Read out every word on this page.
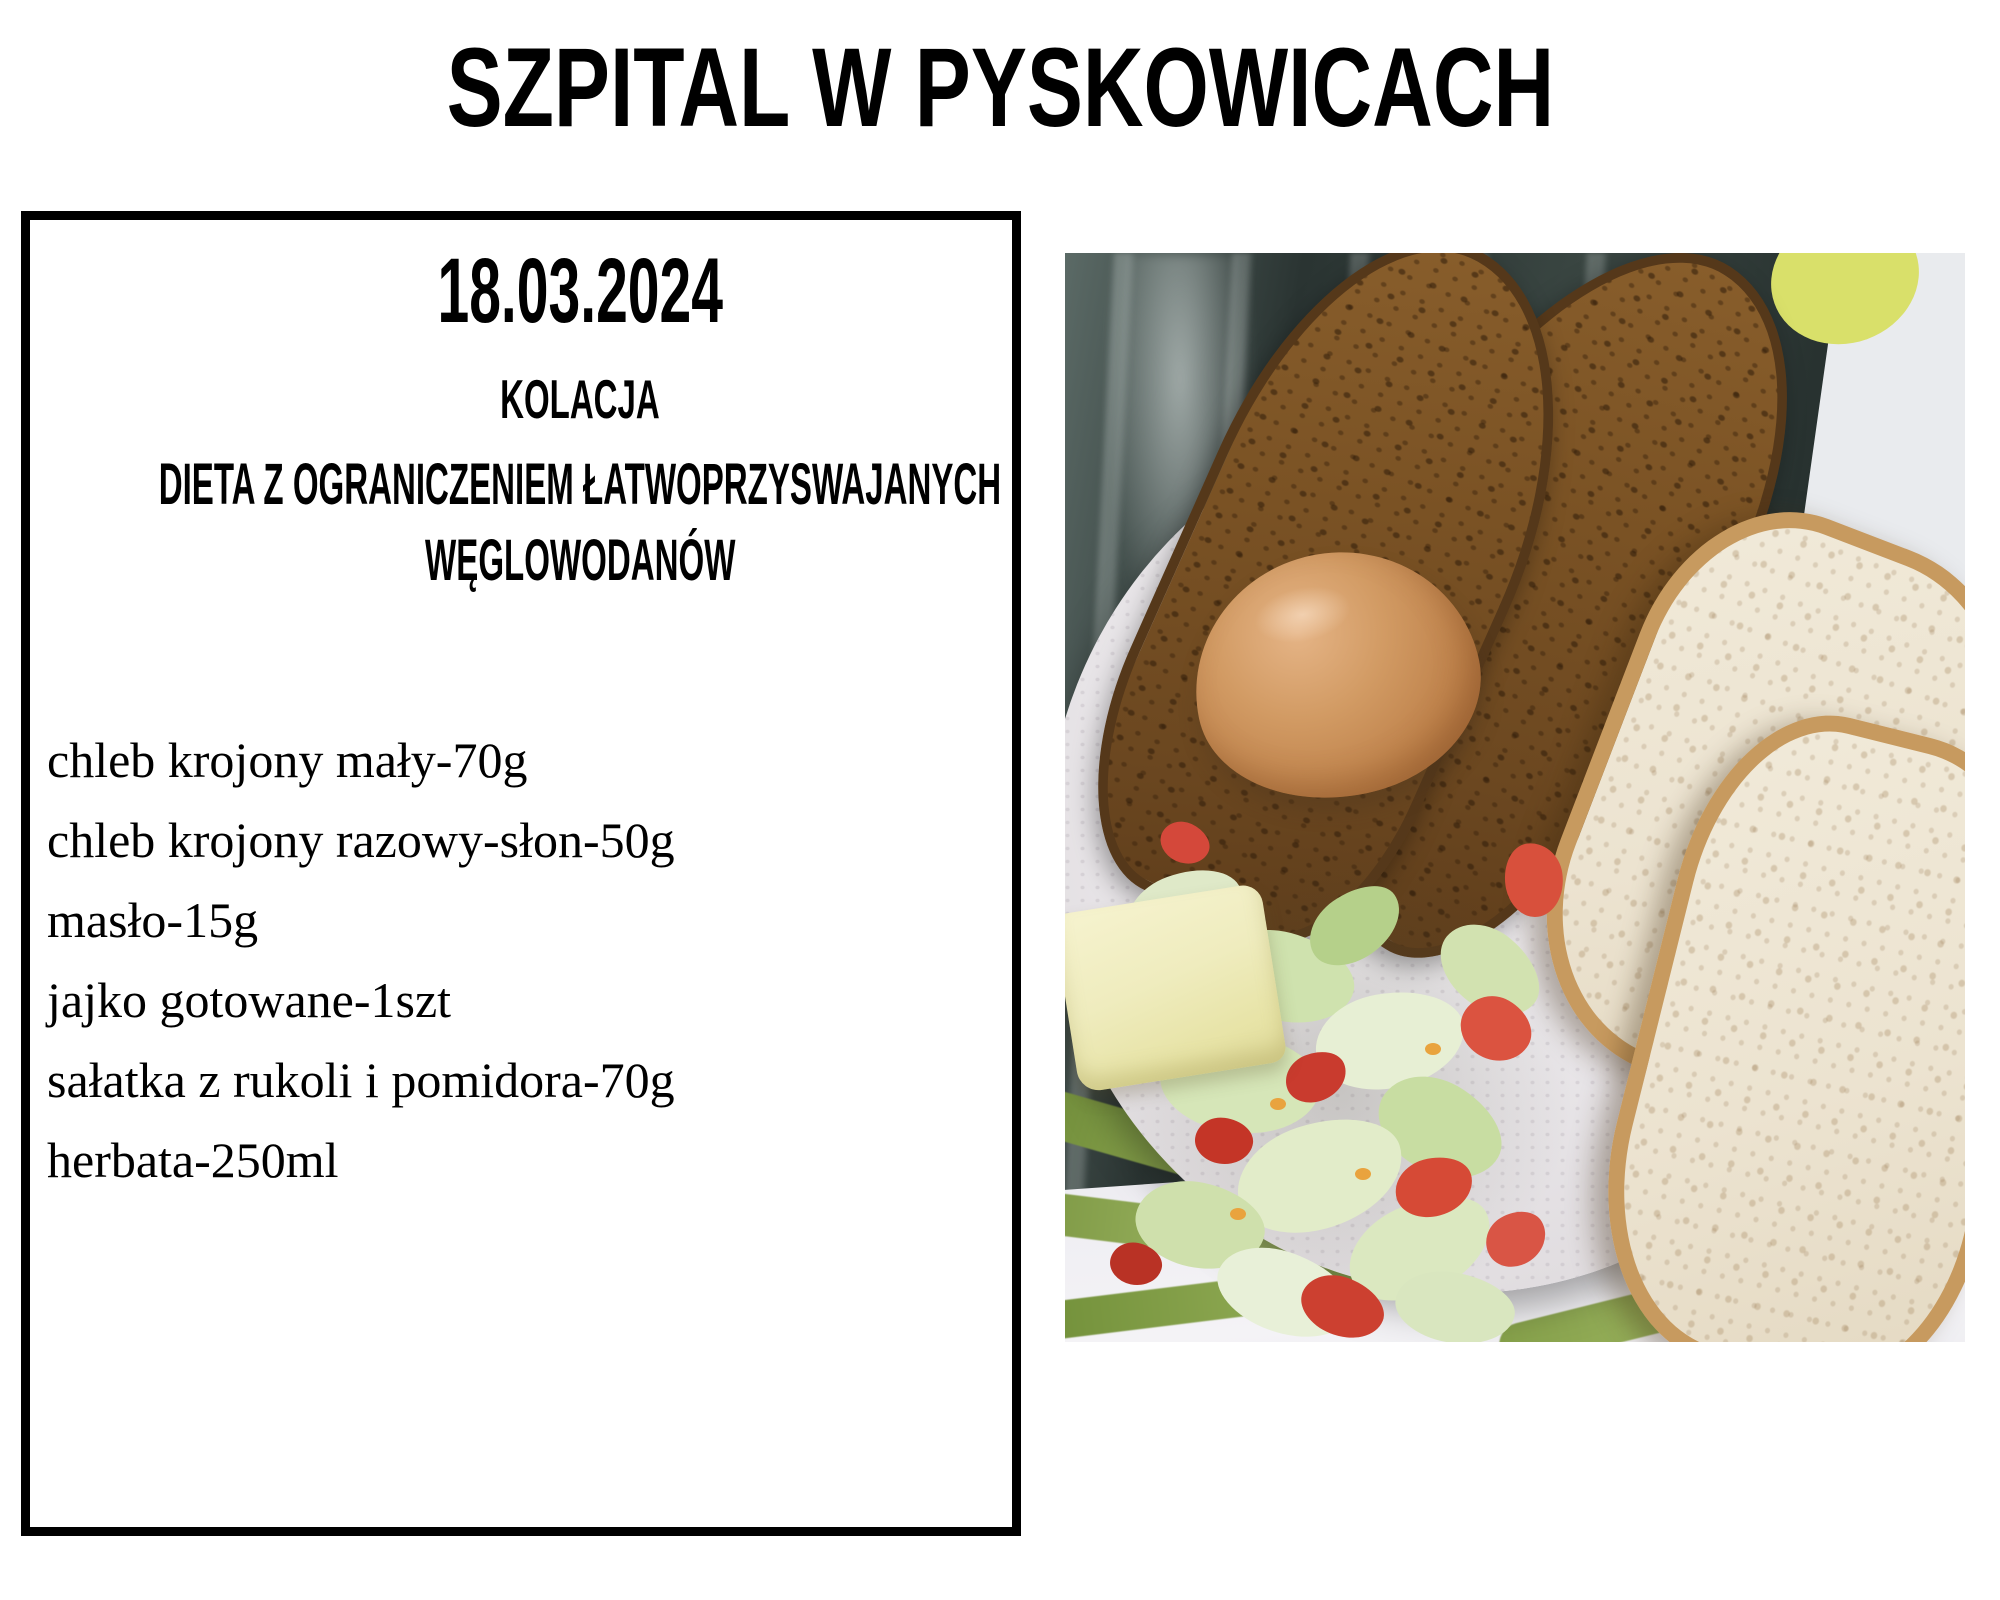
SZPITAL W PYSKOWICACH
18.03.2024
KOLACJA
DIETA Z OGRANICZENIEM ŁATWOPRZYSWAJANYCH
WĘGLOWODANÓW
chleb krojony mały-70g
chleb krojony razowy-słon-50g
masło-15g
jajko gotowane-1szt
sałatka z rukoli i pomidora-70g
herbata-250ml
